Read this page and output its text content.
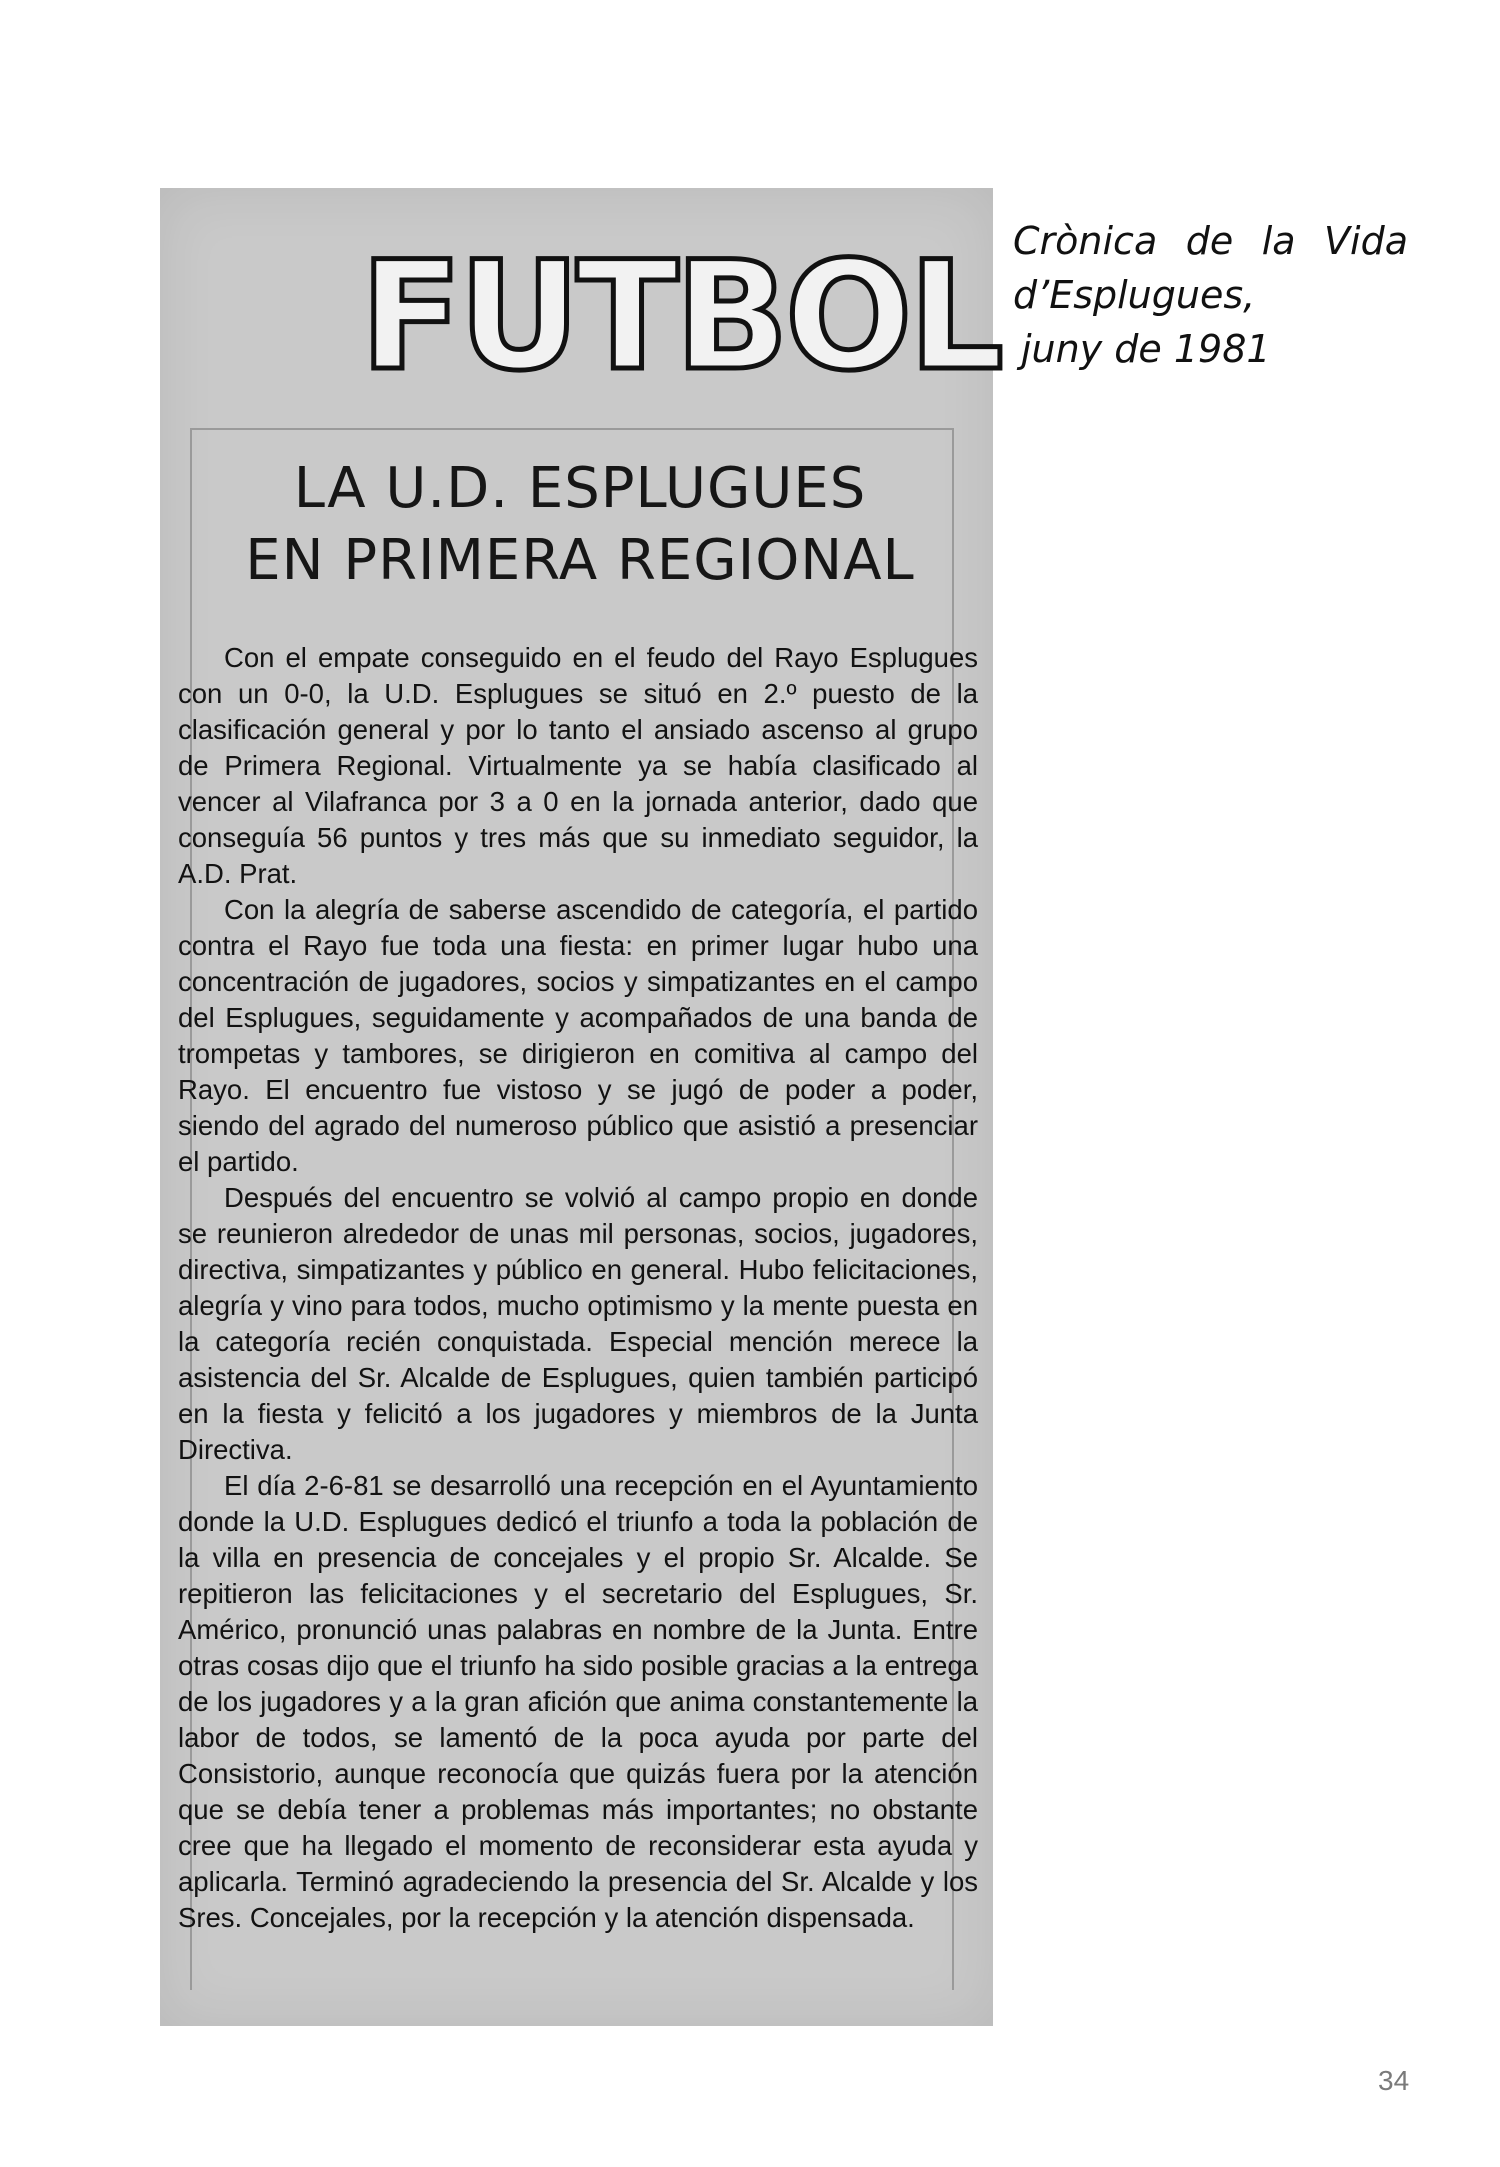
FUTBOL
LA U.D. ESPLUGUES
EN PRIMERA REGIONAL

Con el empate conseguido en el feudo del Rayo Esplugues con un 0-0, la U.D. Esplugues se situó en 2.º puesto de la clasificación general y por lo tanto el ansiado ascenso al grupo de Primera Regional. Virtualmente ya se había clasificado al vencer al Vilafranca por 3 a 0 en la jornada anterior, dado que conseguía 56 puntos y tres más que su inmediato seguidor, la A.D. Prat.

Con la alegría de saberse ascendido de categoría, el partido contra el Rayo fue toda una fiesta: en primer lugar hubo una concentración de jugadores, socios y simpatizantes en el campo del Esplugues, seguidamente y acompañados de una banda de trompetas y tambores, se dirigieron en comitiva al campo del Rayo. El encuentro fue vistoso y se jugó de poder a poder, siendo del agrado del numeroso público que asistió a presenciar el partido.

Después del encuentro se volvió al campo propio en donde se reunieron alrededor de unas mil personas, socios, jugadores, directiva, simpatizantes y público en general. Hubo felicitaciones, alegría y vino para todos, mucho optimismo y la mente puesta en la categoría recién conquistada. Especial mención merece la asistencia del Sr. Alcalde de Esplugues, quien también participó en la fiesta y felicitó a los jugadores y miembros de la Junta Directiva.

El día 2-6-81 se desarrolló una recepción en el Ayuntamiento donde la U.D. Esplugues dedicó el triunfo a toda la población de la villa en presencia de concejales y el propio Sr. Alcalde. Se repitieron las felicitaciones y el secretario del Esplugues, Sr. Américo, pronunció unas palabras en nombre de la Junta. Entre otras cosas dijo que el triunfo ha sido posible gracias a la entrega de los jugadores y a la gran afición que anima constantemente la labor de todos, se lamentó de la poca ayuda por parte del Consistorio, aunque reconocía que quizás fuera por la atención que se debía tener a problemas más importantes; no obstante cree que ha llegado el momento de reconsiderar esta ayuda y aplicarla. Terminó agradeciendo la presencia del Sr. Alcalde y los Sres. Concejales, por la recepción y la atención dispensada.

Crònica de la Vida
d’Esplugues,
juny de 1981
34
